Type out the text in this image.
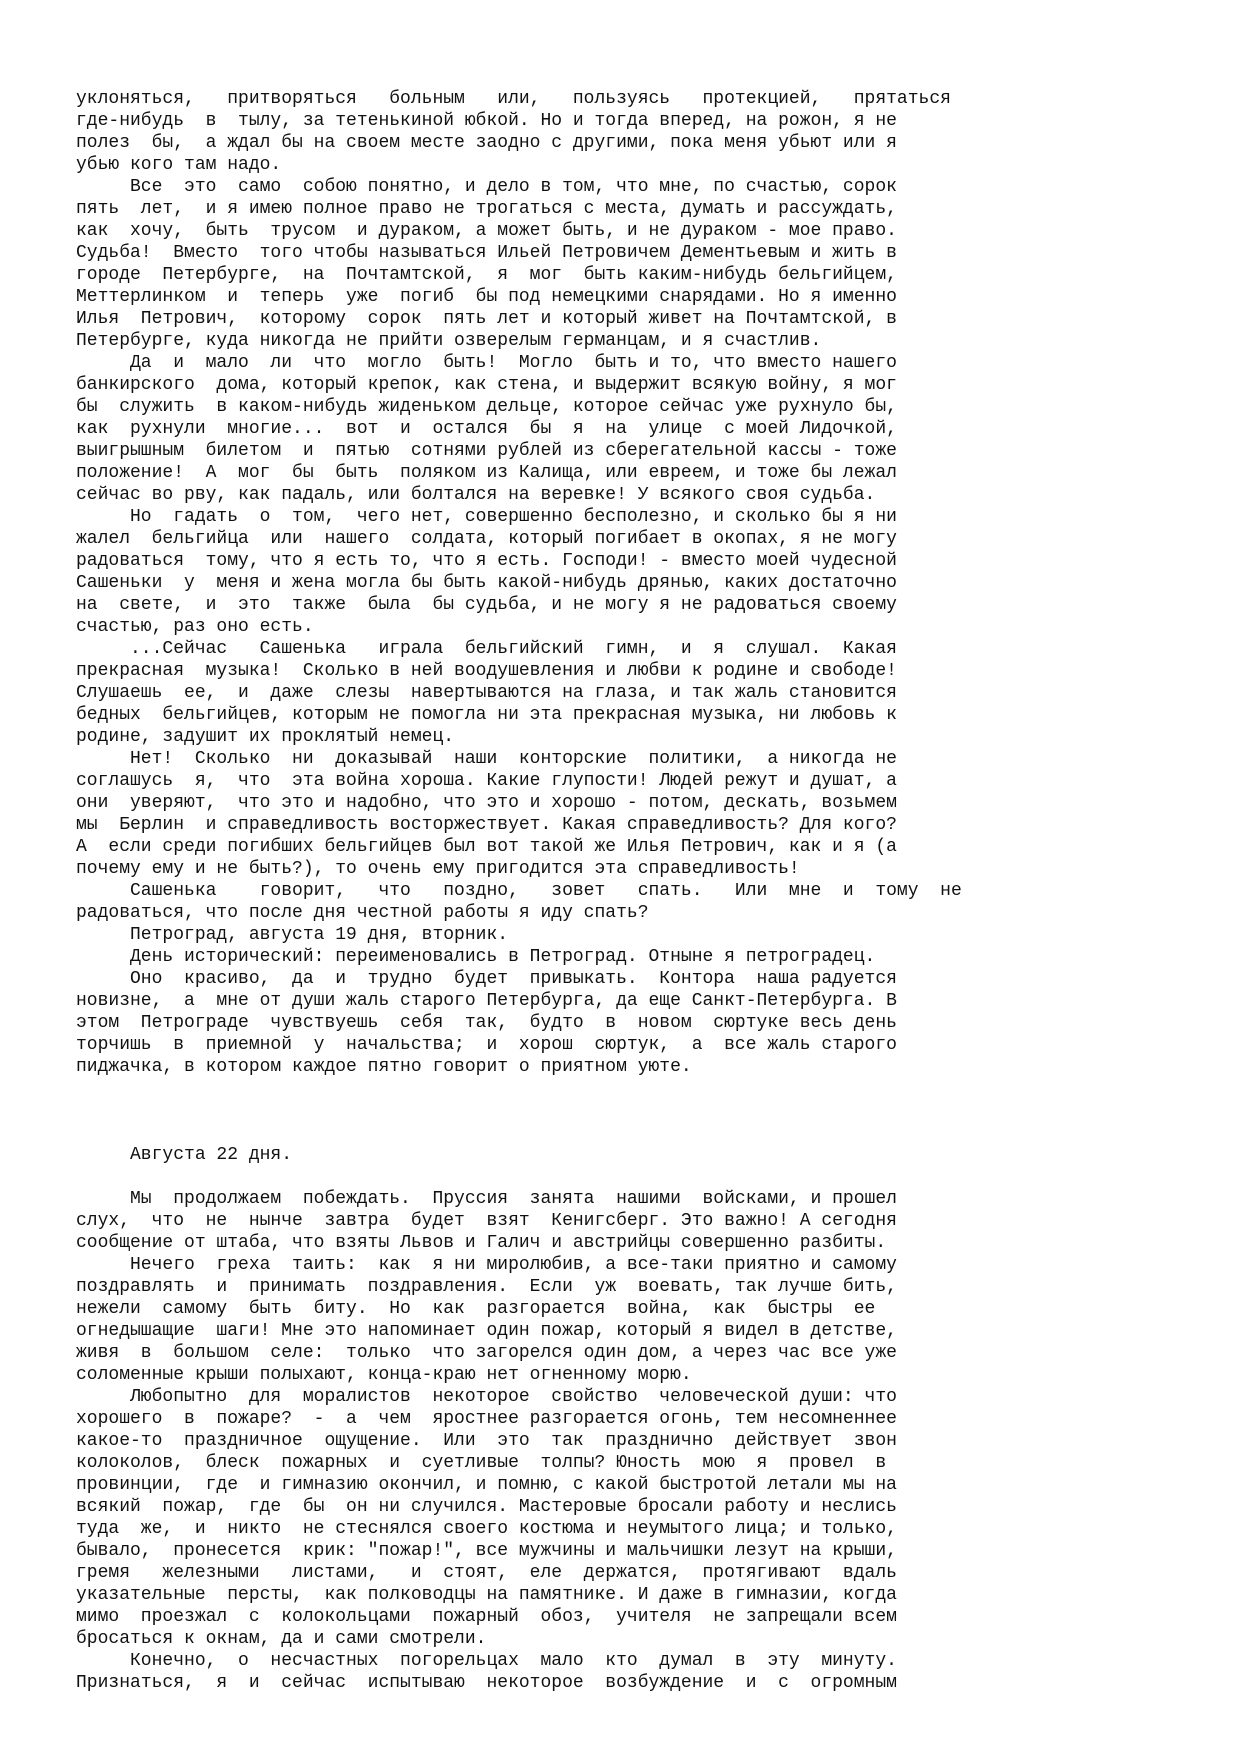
уклоняться,   притворяться   больным   или,   пользуясь   протекцией,   прятаться

где-нибудь  в  тылу, за тетенькиной юбкой. Но и тогда вперед, на рожон, я не

полез  бы,  а ждал бы на своем месте заодно с другими, пока меня убьют или я

убью кого там надо.

Все  это  само  собою понятно, и дело в том, что мне, по счастью, сорок

пять  лет,  и я имею полное право не трогаться с места, думать и рассуждать,

как  хочу,  быть  трусом  и дураком, а может быть, и не дураком - мое право.

Судьба!  Вместо  того чтобы называться Ильей Петровичем Дементьевым и жить в

городе  Петербурге,  на  Почтамтской,  я  мог  быть каким-нибудь бельгийцем,

Меттерлинком  и  теперь  уже  погиб  бы под немецкими снарядами. Но я именно

Илья  Петрович,  которому  сорок  пять лет и который живет на Почтамтской, в

Петербурге, куда никогда не прийти озверелым германцам, и я счастлив.

Да  и  мало  ли  что  могло  быть!  Могло  быть и то, что вместо нашего

банкирского  дома, который крепок, как стена, и выдержит всякую войну, я мог

бы  служить  в каком-нибудь жиденьком дельце, которое сейчас уже рухнуло бы,

как  рухнули  многие...  вот  и  остался  бы  я  на  улице  с моей Лидочкой,

выигрышным  билетом  и  пятью  сотнями рублей из сберегательной кассы - тоже

положение!  А  мог  бы  быть  поляком из Калища, или евреем, и тоже бы лежал

сейчас во рву, как падаль, или болтался на веревке! У всякого своя судьба.

Но  гадать  о  том,  чего нет, совершенно бесполезно, и сколько бы я ни

жалел  бельгийца  или  нашего  солдата, который погибает в окопах, я не могу

радоваться  тому, что я есть то, что я есть. Господи! - вместо моей чудесной

Сашеньки  у  меня и жена могла бы быть какой-нибудь дрянью, каких достаточно

на  свете,  и  это  также  была  бы судьба, и не могу я не радоваться своему

счастью, раз оно есть.

...Сейчас   Сашенька   играла  бельгийский  гимн,  и  я  слушал.  Какая

прекрасная  музыка!  Сколько в ней воодушевления и любви к родине и свободе!

Слушаешь  ее,  и  даже  слезы  навертываются на глаза, и так жаль становится

бедных  бельгийцев, которым не помогла ни эта прекрасная музыка, ни любовь к

родине, задушит их проклятый немец.

Нет!  Сколько  ни  доказывай  наши  конторские  политики,  а никогда не

соглашусь  я,  что  эта война хороша. Какие глупости! Людей режут и душат, а

они  уверяют,  что это и надобно, что это и хорошо - потом, дескать, возьмем

мы  Берлин  и справедливость восторжествует. Какая справедливость? Для кого?

А  если среди погибших бельгийцев был вот такой же Илья Петрович, как и я (а

почему ему и не быть?), то очень ему пригодится эта справедливость!

Сашенька    говорит,   что   поздно,   зовет   спать.   Или  мне  и  тому  не

радоваться, что после дня честной работы я иду спать?

Петроград, августа 19 дня, вторник.

День исторический: переименовались в Петроград. Отныне я петроградец.

Оно  красиво,  да  и  трудно  будет  привыкать.  Контора  наша радуется

новизне,  а  мне от души жаль старого Петербурга, да еще Санкт-Петербурга. В

этом  Петрограде  чувствуешь  себя  так,  будто  в  новом  сюртуке весь день

торчишь  в  приемной  у  начальства;  и  хорош  сюртук,  а  все жаль старого

пиджачка, в котором каждое пятно говорит о приятном уюте.

Августа 22 дня.

Мы  продолжаем  побеждать.  Пруссия  занята  нашими  войсками, и прошел

слух,  что  не  нынче  завтра  будет  взят  Кенигсберг. Это важно! А сегодня

сообщение от штаба, что взяты Львов и Галич и австрийцы совершенно разбиты.

Нечего  греха  таить:  как  я ни миролюбив, а все-таки приятно и самому

поздравлять  и  принимать  поздравления.  Если  уж  воевать, так лучше бить,

нежели  самому  быть  биту.  Но  как  разгорается  война,  как  быстры  ее

огнедышащие  шаги! Мне это напоминает один пожар, который я видел в детстве,

живя  в  большом  селе:  только  что загорелся один дом, а через час все уже

соломенные крыши полыхают, конца-краю нет огненному морю.

Любопытно  для  моралистов  некоторое  свойство  человеческой души: что

хорошего  в  пожаре?  -  а  чем  яростнее разгорается огонь, тем несомненнее

какое-то  праздничное  ощущение.  Или  это  так  празднично  действует  звон

колоколов,  блеск  пожарных  и  суетливые  толпы? Юность  мою  я  провел  в

провинции,  где  и гимназию окончил, и помню, с какой быстротой летали мы на

всякий  пожар,  где  бы  он ни случился. Мастеровые бросали работу и неслись

туда  же,  и  никто  не стеснялся своего костюма и неумытого лица; и только,

бывало,  пронесется  крик: "пожар!", все мужчины и мальчишки лезут на крыши,

гремя   железными   листами,   и  стоят,  еле  держатся,  протягивают  вдаль

указательные  персты,  как полководцы на памятнике. И даже в гимназии, когда

мимо  проезжал  с  колокольцами  пожарный  обоз,  учителя  не запрещали всем

бросаться к окнам, да и сами смотрели.

Конечно,  о  несчастных  погорельцах  мало  кто  думал  в  эту  минуту.

Признаться,  я  и  сейчас  испытываю  некоторое  возбуждение  и  с  огромным
